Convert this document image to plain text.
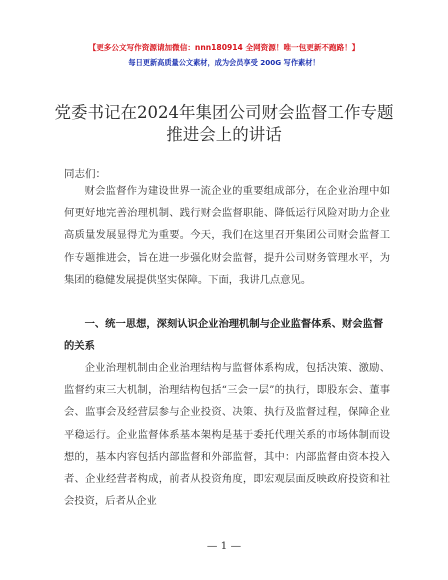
【更多公文写作资源请加微信：nnn180914 全网资源！唯一包更新不跑路！】
每日更新高质量公文素材，成为会员享受 200G 写作素材！
党委书记在2024年集团公司财会监督工作专题
推进会上的讲话
同志们：

财会监督作为建设世界一流企业的重要组成部分，在企业治理中如何更好地完善治理机制、践行财会监督职能、降低运行风险对助力企业高质量发展显得尤为重要。今天，我们在这里召开集团公司财会监督工作专题推进会，旨在进一步强化财会监督，提升公司财务管理水平，为集团的稳健发展提供坚实保障。下面，我讲几点意见。

一、统一思想，深刻认识企业治理机制与企业监督体系、财会监督的关系

企业治理机制由企业治理结构与监督体系构成，包括决策、激励、监督约束三大机制，治理结构包括“三会一层”的执行，即股东会、董事会、监事会及经营层参与企业投资、决策、执行及监督过程，保障企业平稳运行。企业监督体系基本架构是基于委托代理关系的市场体制而设想的，基本内容包括内部监督和外部监督，其中：内部监督由资本投入者、企业经营者构成，前者从投资角度，即宏观层面反映政府投资和社会投资，后者从企业

— 1 —
